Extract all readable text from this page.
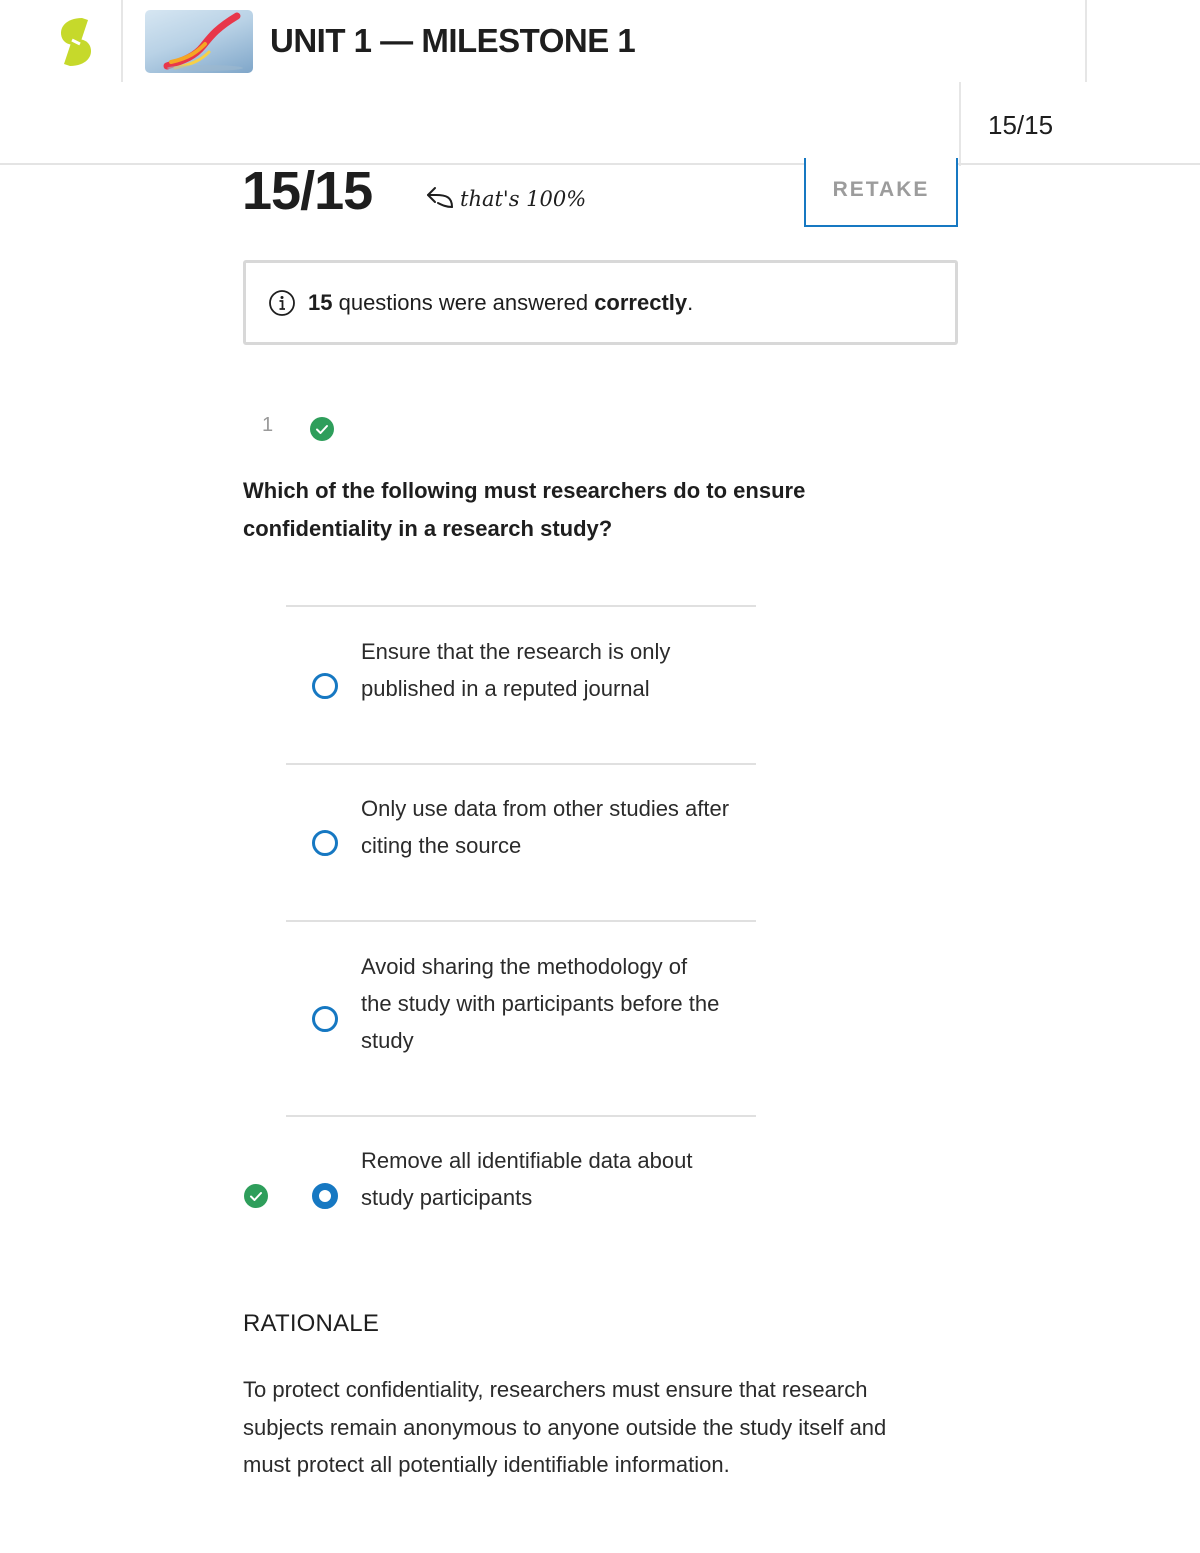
UNIT 1 — MILESTONE 1
15/15
15/15	that's 100%	RETAKE
15 questions were answered correctly.
1
Which of the following must researchers do to ensure confidentiality in a research study?
Ensure that the research is only published in a reputed journal
Only use data from other studies after citing the source
Avoid sharing the methodology of the study with participants before the study
Remove all identifiable data about study participants
RATIONALE
To protect confidentiality, researchers must ensure that research subjects remain anonymous to anyone outside the study itself and must protect all potentially identifiable information.
